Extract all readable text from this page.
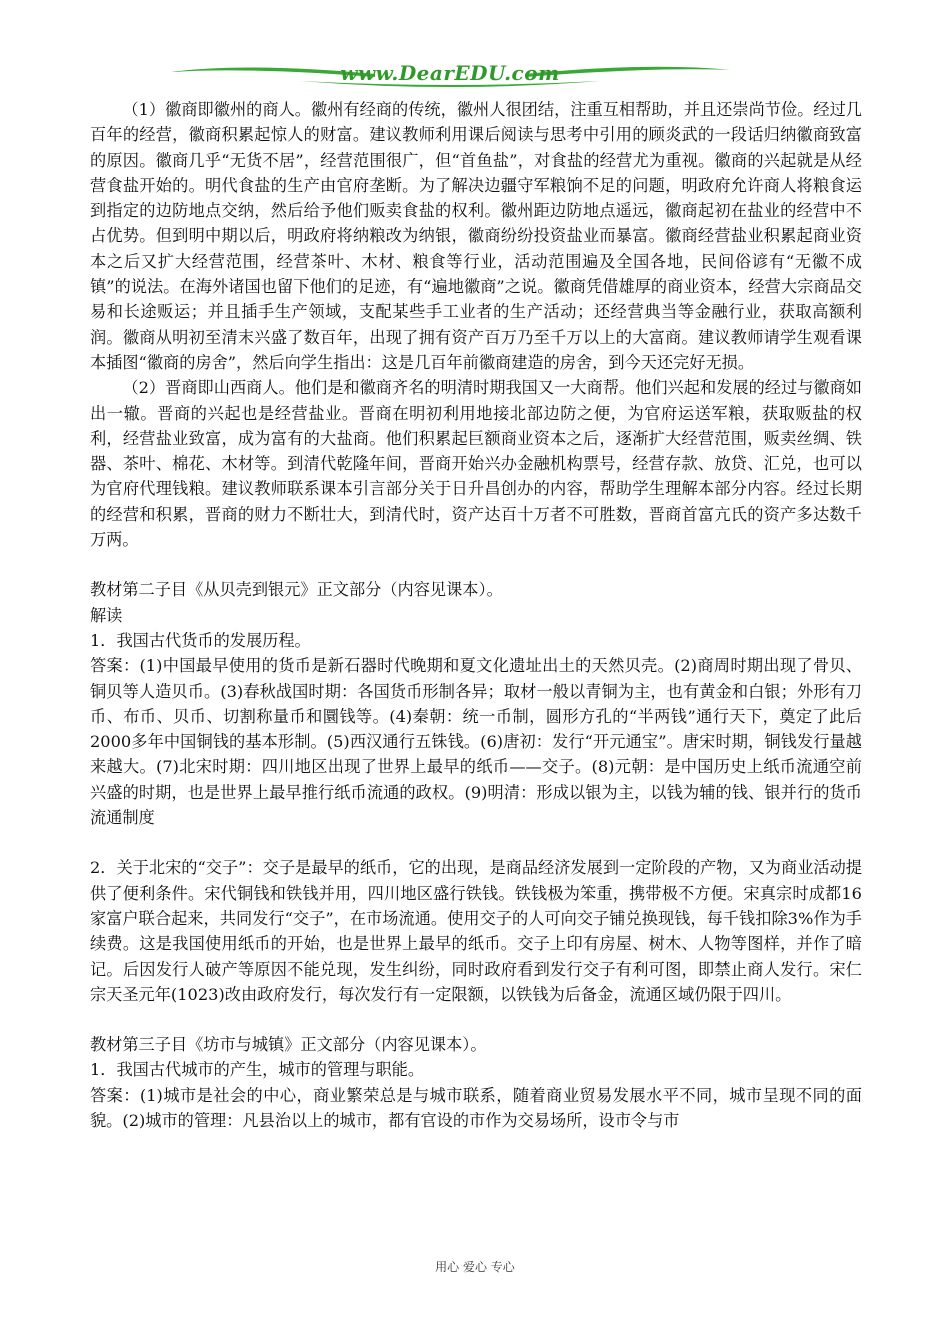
www.DearEDU.com

（1）徽商即徽州的商人。徽州有经商的传统，徽州人很团结，注重互相帮助，并且还崇尚节俭。经过几百年的经营，徽商积累起惊人的财富。建议教师利用课后阅读与思考中引用的顾炎武的一段话归纳徽商致富的原因。徽商几乎“无货不居”，经营范围很广，但“首鱼盐”，对食盐的经营尤为重视。徽商的兴起就是从经营食盐开始的。明代食盐的生产由官府垄断。为了解决边疆守军粮饷不足的问题，明政府允许商人将粮食运到指定的边防地点交纳，然后给予他们贩卖食盐的权利。徽州距边防地点遥远，徽商起初在盐业的经营中不占优势。但到明中期以后，明政府将纳粮改为纳银，徽商纷纷投资盐业而暴富。徽商经营盐业积累起商业资本之后又扩大经营范围，经营茶叶、木材、粮食等行业，活动范围遍及全国各地，民间俗谚有“无徽不成镇”的说法。在海外诸国也留下他们的足迹，有“遍地徽商”之说。徽商凭借雄厚的商业资本，经营大宗商品交易和长途贩运；并且插手生产领域，支配某些手工业者的生产活动；还经营典当等金融行业，获取高额利润。徽商从明初至清末兴盛了数百年，出现了拥有资产百万乃至千万以上的大富商。建议教师请学生观看课本插图“徽商的房舍”，然后向学生指出：这是几百年前徽商建造的房舍，到今天还完好无损。

（2）晋商即山西商人。他们是和徽商齐名的明清时期我国又一大商帮。他们兴起和发展的经过与徽商如出一辙。晋商的兴起也是经营盐业。晋商在明初利用地接北部边防之便，为官府运送军粮，获取贩盐的权利，经营盐业致富，成为富有的大盐商。他们积累起巨额商业资本之后，逐渐扩大经营范围，贩卖丝绸、铁器、茶叶、棉花、木材等。到清代乾隆年间，晋商开始兴办金融机构票号，经营存款、放贷、汇兑，也可以为官府代理钱粮。建议教师联系课本引言部分关于日升昌创办的内容，帮助学生理解本部分内容。经过长期的经营和积累，晋商的财力不断壮大，到清代时，资产达百十万者不可胜数，晋商首富亢氏的资产多达数千万两。

教材第二子目《从贝壳到银元》正文部分（内容见课本）。

解读

1．我国古代货币的发展历程。

答案：(1)中国最早使用的货币是新石器时代晚期和夏文化遗址出土的天然贝壳。(2)商周时期出现了骨贝、铜贝等人造贝币。(3)春秋战国时期：各国货币形制各异；取材一般以青铜为主，也有黄金和白银；外形有刀币、布币、贝币、切割称量币和圜钱等。(4)秦朝：统一币制，圆形方孔的“半两钱”通行天下，奠定了此后2000多年中国铜钱的基本形制。(5)西汉通行五铢钱。(6)唐初：发行“开元通宝”。唐宋时期，铜钱发行量越来越大。(7)北宋时期：四川地区出现了世界上最早的纸币——交子。(8)元朝：是中国历史上纸币流通空前兴盛的时期，也是世界上最早推行纸币流通的政权。(9)明清：形成以银为主，以钱为辅的钱、银并行的货币流通制度

2．关于北宋的“交子”：交子是最早的纸币，它的出现，是商品经济发展到一定阶段的产物，又为商业活动提供了便利条件。宋代铜钱和铁钱并用，四川地区盛行铁钱。铁钱极为笨重，携带极不方便。宋真宗时成都16家富户联合起来，共同发行“交子”，在市场流通。使用交子的人可向交子铺兑换现钱，每千钱扣除3%作为手续费。这是我国使用纸币的开始，也是世界上最早的纸币。交子上印有房屋、树木、人物等图样，并作了暗记。后因发行人破产等原因不能兑现，发生纠纷，同时政府看到发行交子有利可图，即禁止商人发行。宋仁宗天圣元年(1023)改由政府发行，每次发行有一定限额，以铁钱为后备金，流通区域仍限于四川。

教材第三子目《坊市与城镇》正文部分（内容见课本）。

1．我国古代城市的产生，城市的管理与职能。

答案：(1)城市是社会的中心，商业繁荣总是与城市联系，随着商业贸易发展水平不同，城市呈现不同的面貌。(2)城市的管理：凡县治以上的城市，都有官设的市作为交易场所，设市令与市

用心 爱心 专心
